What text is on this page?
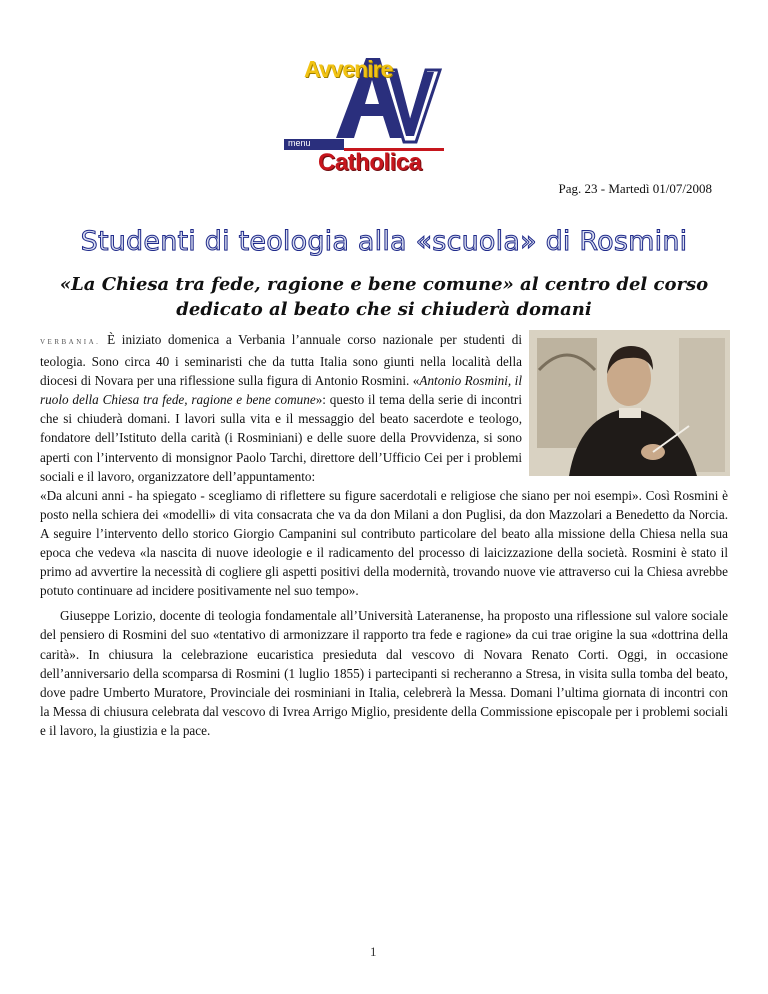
Avvenire
menu
Catholica
Pag. 23 - Martedì 01/07/2008
Studenti di teologia alla «scuola» di Rosmini
«La Chiesa tra fede, ragione e bene comune» al centro del corso dedicato al beato che si chiuderà domani

VERBANIA. È iniziato domenica a Verbania l’annuale corso nazionale per studenti di teologia. Sono circa 40 i seminaristi che da tutta Italia sono giunti nella località della diocesi di Novara per una riflessione sulla figura di Antonio Rosmini. «Antonio Rosmini, il ruolo della Chiesa tra fede, ragione e bene comune»: questo il tema della serie di incontri che si chiuderà domani. I lavori sulla vita e il messaggio del beato sacerdote e teologo, fondatore dell’Istituto della carità (i Rosminiani) e delle suore della Provvidenza, si sono aperti con l’intervento di monsignor Paolo Tarchi, direttore dell’Ufficio Cei per i problemi sociali e il lavoro, organizzatore dell’appuntamento:

«Da alcuni anni - ha spiegato - scegliamo di riflettere su figure sacerdotali e religiose che siano per noi esempi». Così Rosmini è posto nella schiera dei «modelli» di vita consacrata che va da don Milani a don Puglisi, da don Mazzolari a Benedetto da Norcia. A seguire l’intervento dello storico Giorgio Campanini sul contributo particolare del beato alla missione della Chiesa nella sua epoca che vedeva «la nascita di nuove ideologie e il radicamento del processo di laicizzazione della società. Rosmini è stato il primo ad avvertire la necessità di cogliere gli aspetti positivi della modernità, trovando nuove vie attraverso cui la Chiesa avrebbe potuto continuare ad incidere positivamente nel suo tempo».

Giuseppe Lorizio, docente di teologia fondamentale all’Università Lateranense, ha proposto una riflessione sul valore sociale del pensiero di Rosmini del suo «tentativo di armonizzare il rapporto tra fede e ragione» da cui trae origine la sua «dottrina della carità». In chiusura la celebrazione eucaristica presieduta dal vescovo di Novara Renato Corti. Oggi, in occasione dell’anniversario della scomparsa di Rosmini (1 luglio 1855) i partecipanti si recheranno a Stresa, in visita sulla tomba del beato, dove padre Umberto Muratore, Provinciale dei rosminiani in Italia, celebrerà la Messa. Domani l’ultima giornata di incontri con la Messa di chiusura celebrata dal vescovo di Ivrea Arrigo Miglio, presidente della Commissione episcopale per i problemi sociali e il lavoro, la giustizia e la pace.

1
